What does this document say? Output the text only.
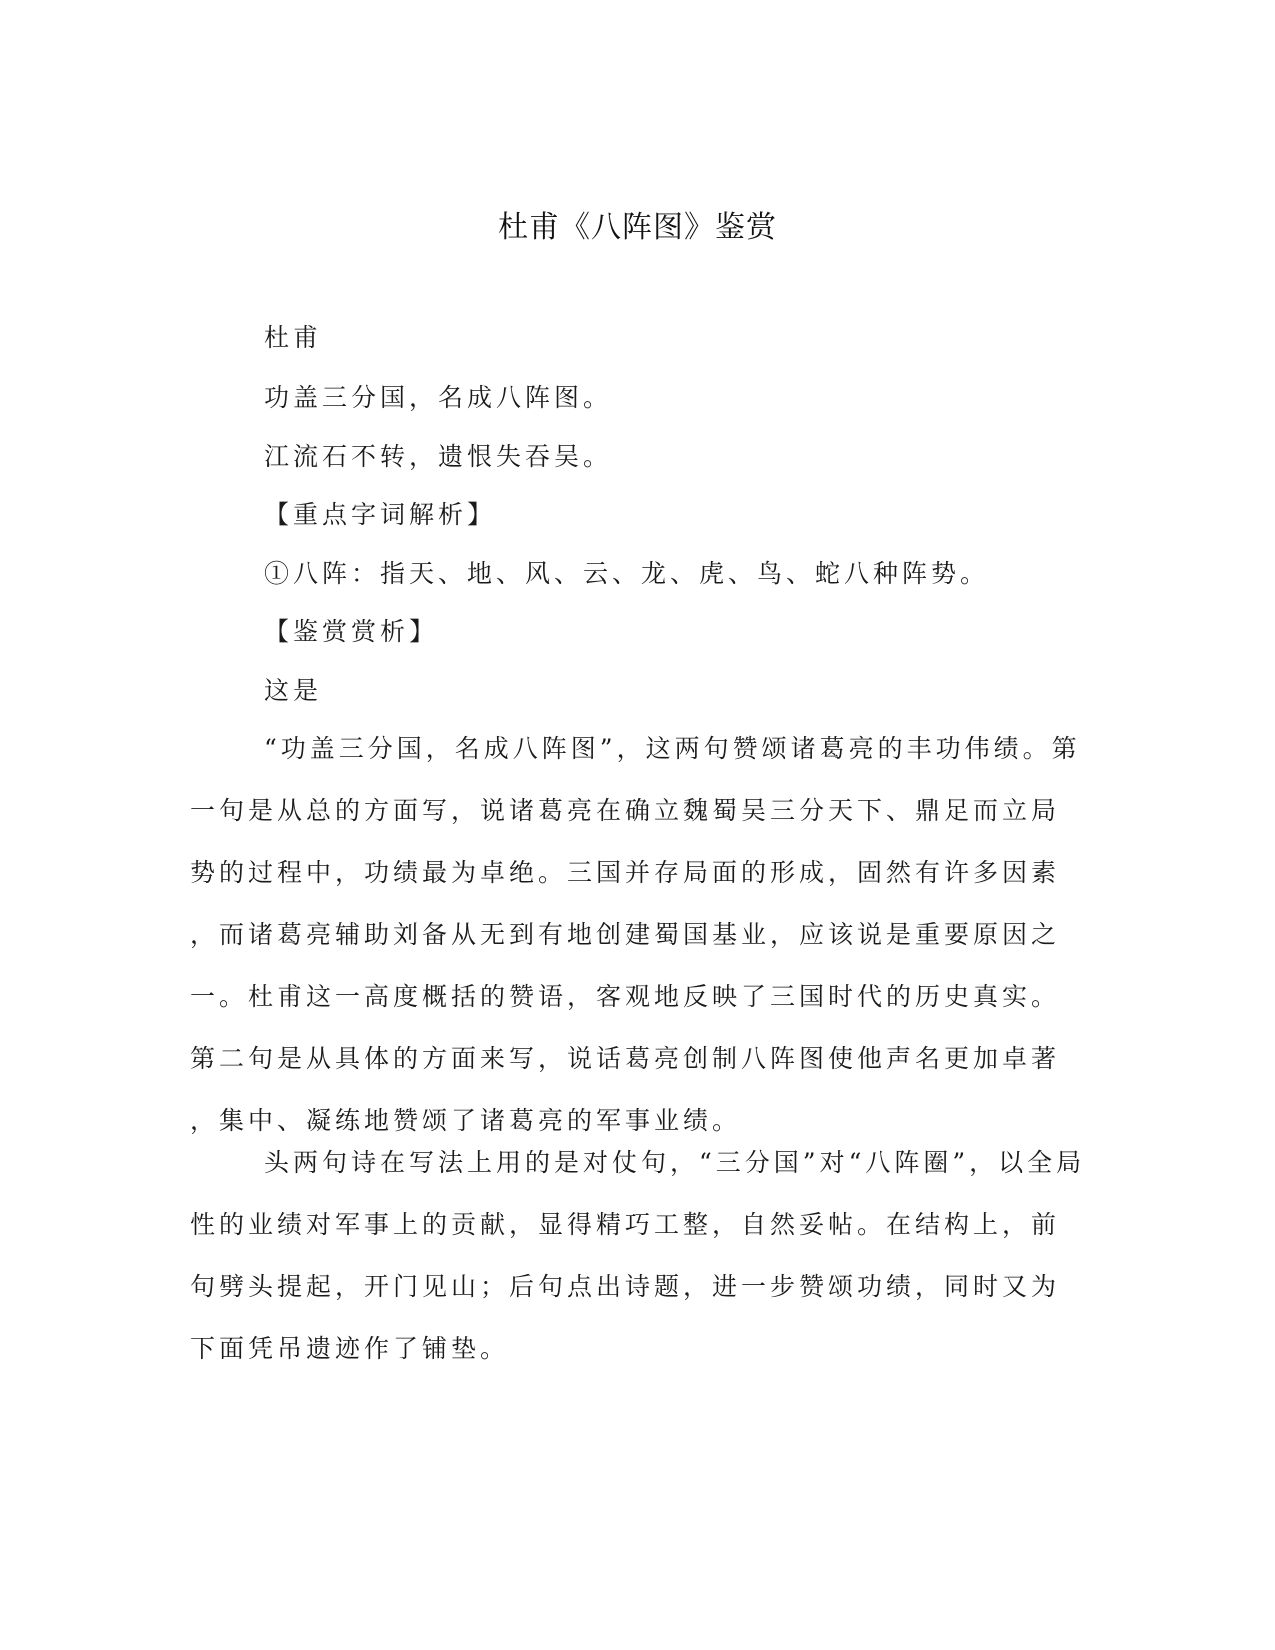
杜甫《八阵图》鉴赏
杜甫
功盖三分国，名成八阵图。
江流石不转，遗恨失吞吴。
【重点字词解析】
①八阵：指天、地、风、云、龙、虎、鸟、蛇八种阵势。
【鉴赏赏析】
这是
“功盖三分国，名成八阵图”，这两句赞颂诸葛亮的丰功伟绩。第
一句是从总的方面写，说诸葛亮在确立魏蜀吴三分天下、鼎足而立局
势的过程中，功绩最为卓绝。三国并存局面的形成，固然有许多因素
，而诸葛亮辅助刘备从无到有地创建蜀国基业，应该说是重要原因之
一。杜甫这一高度概括的赞语，客观地反映了三国时代的历史真实。
第二句是从具体的方面来写，说话葛亮创制八阵图使他声名更加卓著
，集中、凝练地赞颂了诸葛亮的军事业绩。
头两句诗在写法上用的是对仗句，“三分国”对“八阵圈”，以全局
性的业绩对军事上的贡献，显得精巧工整，自然妥帖。在结构上，前
句劈头提起，开门见山；后句点出诗题，进一步赞颂功绩，同时又为
下面凭吊遗迹作了铺垫。
